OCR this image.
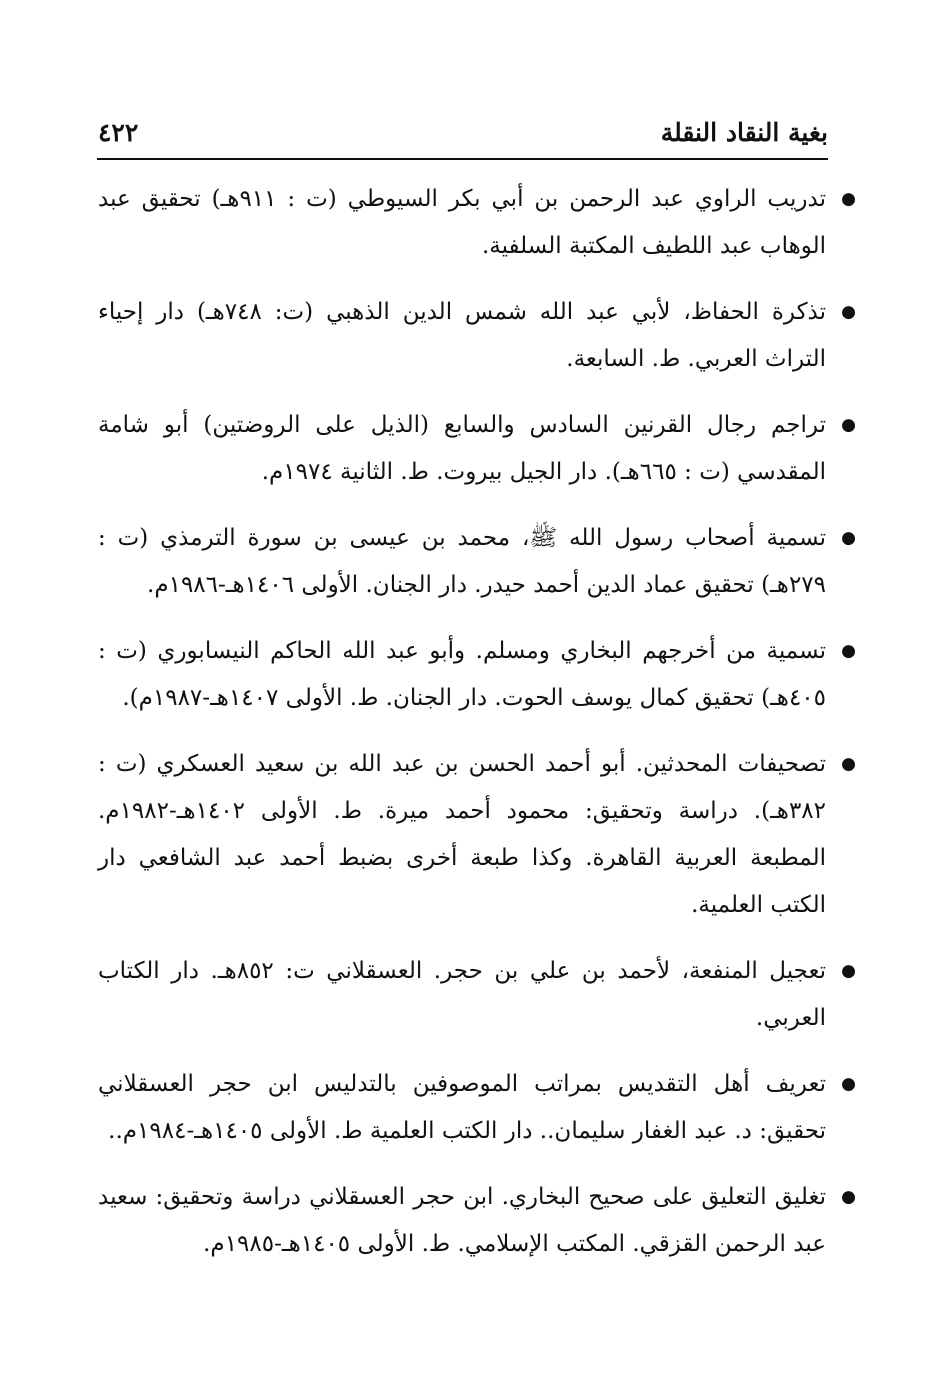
بغية النقاد النقلة
٤٢٢
●
تدريب الراوي عبد الرحمن بن أبي بكر السيوطي (ت : ٩١١هـ) تحقيق عبد الوهاب عبد اللطيف المكتبة السلفية.
●
تذكرة الحفاظ، لأبي عبد الله شمس الدين الذهبي (ت: ٧٤٨هـ) دار إحياء التراث العربي. ط. السابعة.
●
تراجم رجال القرنين السادس والسابع (الذيل على الروضتين) أبو شامة المقدسي (ت : ٦٦٥هـ). دار الجيل بيروت. ط. الثانية ١٩٧٤م.
●
تسمية أصحاب رسول الله ﷺ، محمد بن عيسى بن سورة الترمذي (ت : ٢٧٩هـ) تحقيق عماد الدين أحمد حيدر. دار الجنان. الأولى ١٤٠٦هـ-١٩٨٦م.
●
تسمية من أخرجهم البخاري ومسلم. وأبو عبد الله الحاكم النيسابوري (ت : ٤٠٥هـ) تحقيق كمال يوسف الحوت. دار الجنان. ط. الأولى ١٤٠٧هـ-١٩٨٧م).
●
تصحيفات المحدثين. أبو أحمد الحسن بن عبد الله بن سعيد العسكري (ت : ٣٨٢هـ). دراسة وتحقيق: محمود أحمد ميرة. ط. الأولى ١٤٠٢هـ-١٩٨٢م. المطبعة العربية القاهرة. وكذا طبعة أخرى بضبط أحمد عبد الشافعي دار الكتب العلمية.
●
تعجيل المنفعة، لأحمد بن علي بن حجر. العسقلاني ت: ٨٥٢هـ. دار الكتاب العربي.
●
تعريف أهل التقديس بمراتب الموصوفين بالتدليس ابن حجر العسقلاني تحقيق: د. عبد الغفار سليمان.. دار الكتب العلمية ط. الأولى ١٤٠٥هـ-١٩٨٤م..
●
تغليق التعليق على صحيح البخاري. ابن حجر العسقلاني دراسة وتحقيق: سعيد عبد الرحمن القزقي. المكتب الإسلامي. ط. الأولى ١٤٠٥هـ-١٩٨٥م.
